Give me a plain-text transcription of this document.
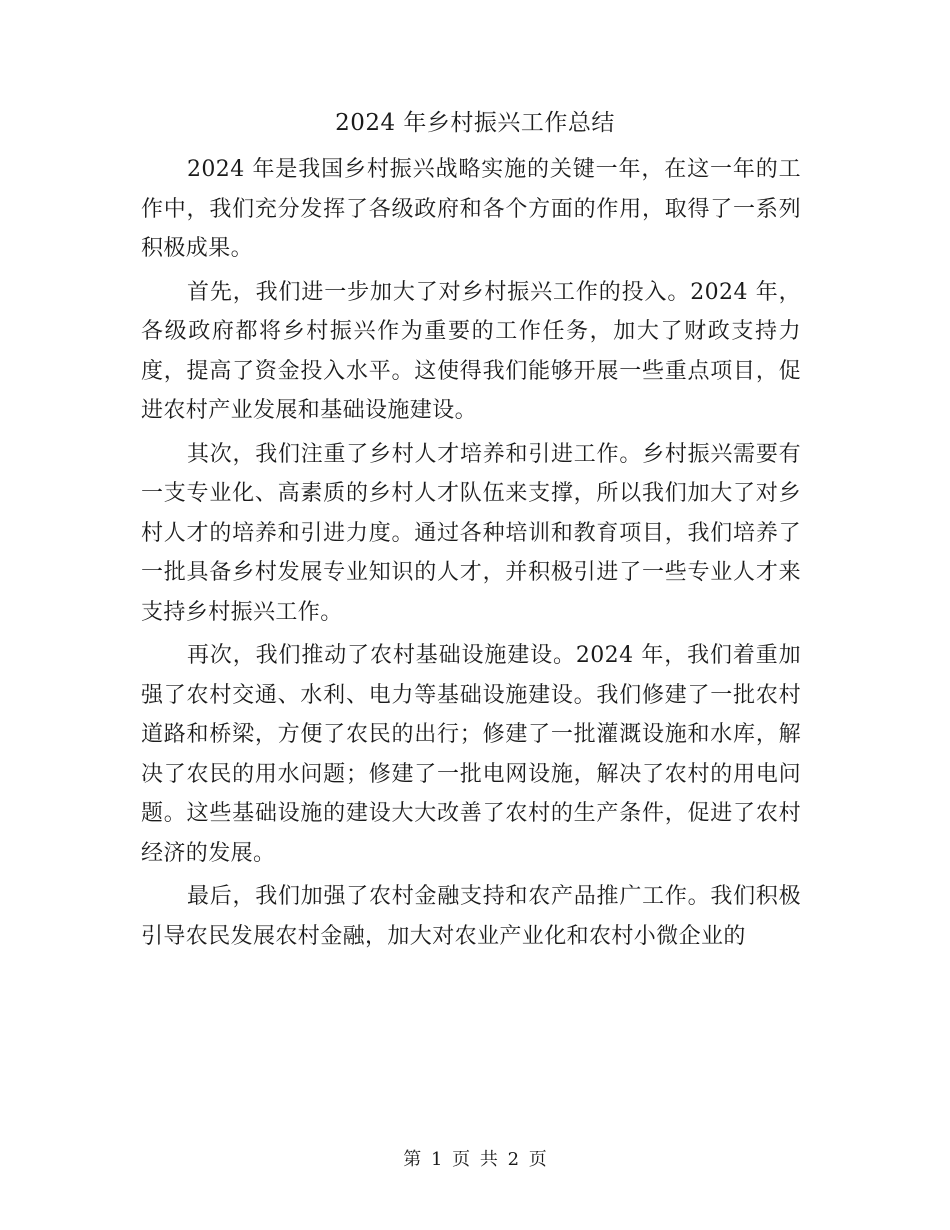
2024 年乡村振兴工作总结

2024 年是我国乡村振兴战略实施的关键一年，在这一年的工作中，我们充分发挥了各级政府和各个方面的作用，取得了一系列积极成果。

首先，我们进一步加大了对乡村振兴工作的投入。2024 年，各级政府都将乡村振兴作为重要的工作任务，加大了财政支持力度，提高了资金投入水平。这使得我们能够开展一些重点项目，促进农村产业发展和基础设施建设。

其次，我们注重了乡村人才培养和引进工作。乡村振兴需要有一支专业化、高素质的乡村人才队伍来支撑，所以我们加大了对乡村人才的培养和引进力度。通过各种培训和教育项目，我们培养了一批具备乡村发展专业知识的人才，并积极引进了一些专业人才来支持乡村振兴工作。

再次，我们推动了农村基础设施建设。2024 年，我们着重加强了农村交通、水利、电力等基础设施建设。我们修建了一批农村道路和桥梁，方便了农民的出行；修建了一批灌溉设施和水库，解决了农民的用水问题；修建了一批电网设施，解决了农村的用电问题。这些基础设施的建设大大改善了农村的生产条件，促进了农村经济的发展。

最后，我们加强了农村金融支持和农产品推广工作。我们积极引导农民发展农村金融，加大对农业产业化和农村小微企业的

第 1 页 共 2 页
